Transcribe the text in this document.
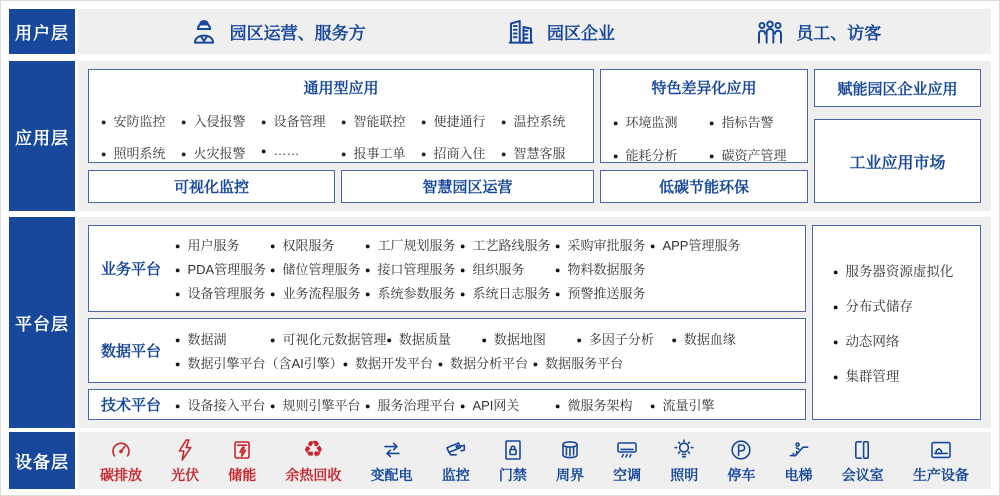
用户层	园区运营、服务方	园区企业	员工、访客
应用层
通用型应用
● 安防监控	● 入侵报警	● 设备管理	● 智能联控	● 便捷通行	● 温控系统
● 照明系统	● 火灾报警	● ……	● 报事工单	● 招商入住	● 智慧客服
可视化监控	智慧园区运营
特色差异化应用
● 环境监测	● 指标告警
● 能耗分析	● 碳资产管理
低碳节能环保
赋能园区企业应用
工业应用市场
平台层
业务平台
● 用户服务	● 权限服务	● 工厂规划服务	● 工艺路线服务	● 采购审批服务	● APP管理服务
● PDA管理服务	● 储位管理服务	● 接口管理服务	● 组织服务	● 物料数据服务
● 设备管理服务	● 业务流程服务	● 系统参数服务	● 系统日志服务	● 预警推送服务
数据平台
● 数据湖	● 可视化元数据管理 ● 数据质量	● 数据地图	● 多因子分析	● 数据血缘
● 数据引擎平台（含AI引擎） ● 数据开发平台	● 数据分析平台	● 数据服务平台
技术平台	● 设备接入平台	● 规则引擎平台	● 服务治理平台	● API网关	● 微服务架构	● 流量引擎
● 服务器资源虚拟化
● 分布式储存
● 动态网络
● 集群管理
设备层
碳排放 光伏 储能
♻
余热回收 变配电 监控 门禁 周界 空调 照明 停车 电梯 会议室 生产设备
